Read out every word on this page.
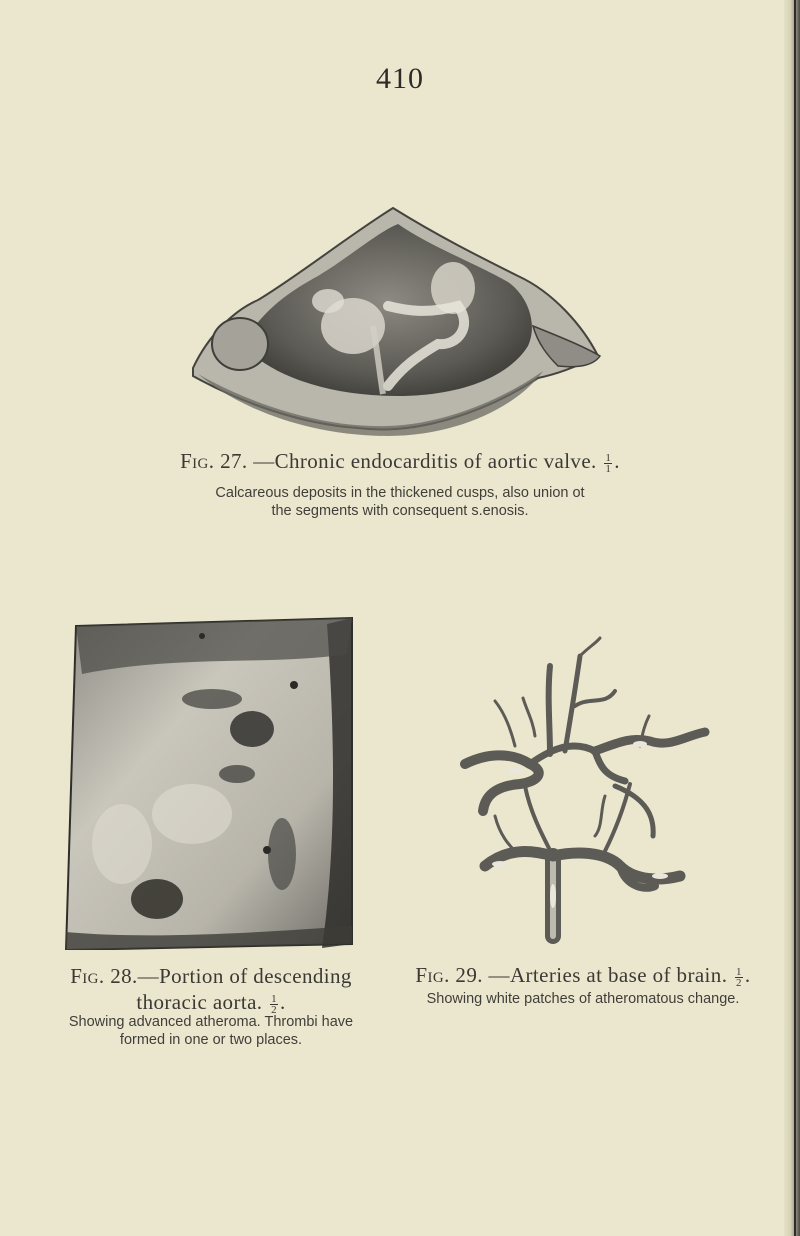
410
Fig. 27. —Chronic endocarditis of aortic valve. $\frac{1}{1}$ .
Calcareous deposits in the thickened cusps, also union ot the segments with consequent s.enosis.
Fig. 28.—Portion of descending thoracic aorta. $\frac{1}{2}$ .
Showing advanced atheroma. Thrombi have formed in one or two places.
Fig. 29. —Arteries at base of brain. $\frac{1}{2}$ .
Showing white patches of atheromatous change.
